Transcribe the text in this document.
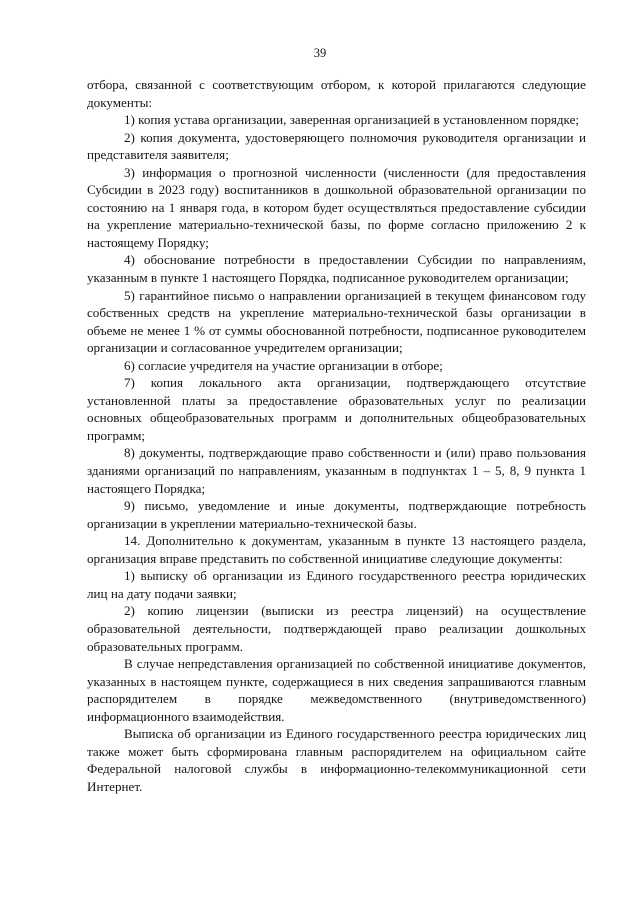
39

отбора, связанной с соответствующим отбором, к которой прилагаются следующие документы:

1) копия устава организации, заверенная организацией в установленном порядке;

2) копия документа, удостоверяющего полномочия руководителя организации и представителя заявителя;

3) информация о прогнозной численности (численности (для предоставления Субсидии в 2023 году) воспитанников в дошкольной образовательной организации по состоянию на 1 января года, в котором будет осуществляться предоставление субсидии на укрепление материально-технической базы, по форме согласно приложению 2 к настоящему Порядку;

4) обоснование потребности в предоставлении Субсидии по направлениям, указанным в пункте 1 настоящего Порядка, подписанное руководителем организации;

5) гарантийное письмо о направлении организацией в текущем финансовом году собственных средств на укрепление материально-технической базы организации в объеме не менее 1 % от суммы обоснованной потребности, подписанное руководителем организации и согласованное учредителем организации;

6) согласие учредителя на участие организации в отборе;

7) копия локального акта организации, подтверждающего отсутствие установленной платы за предоставление образовательных услуг по реализации основных общеобразовательных программ и дополнительных общеобразовательных программ;

8) документы, подтверждающие право собственности и (или) право пользования зданиями организаций по направлениям, указанным в подпунктах 1 – 5, 8, 9 пункта 1 настоящего Порядка;

9) письмо, уведомление и иные документы, подтверждающие потребность организации в укреплении материально-технической базы.

14. Дополнительно к документам, указанным в пункте 13 настоящего раздела, организация вправе представить по собственной инициативе следующие документы:

1) выписку об организации из Единого государственного реестра юридических лиц на дату подачи заявки;

2) копию лицензии (выписки из реестра лицензий) на осуществление образовательной деятельности, подтверждающей право реализации дошкольных образовательных программ.

В случае непредставления организацией по собственной инициативе документов, указанных в настоящем пункте, содержащиеся в них сведения запрашиваются главным распорядителем в порядке межведомственного (внутриведомственного) информационного взаимодействия.

Выписка об организации из Единого государственного реестра юридических лиц также может быть сформирована главным распорядителем на официальном сайте Федеральной налоговой службы в информационно-телекоммуникационной сети Интернет.
